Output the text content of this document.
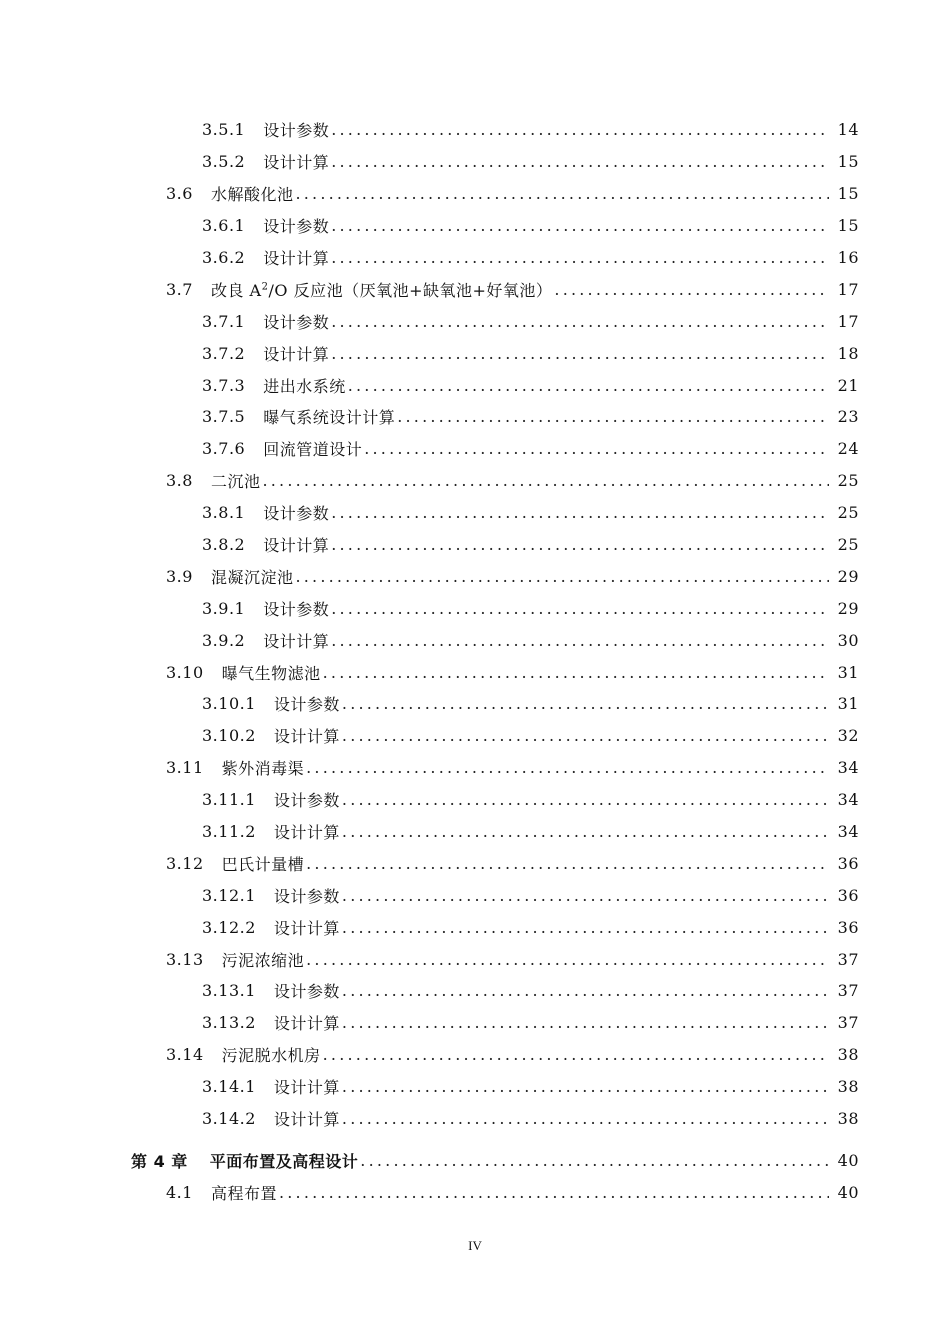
3.5.1 设计参数 .....	14
3.5.2 设计计算 .....	15
3.6 水解酸化池 .....	15
3.6.1 设计参数 .....	15
3.6.2 设计计算 .....	16
3.7 改良 $A^2/O$ 反应池（厌氧池+缺氧池+好氧池） .....	17
3.7.1 设计参数 .....	17
3.7.2 设计计算 .....	18
3.7.3 进出水系统 .....	21
3.7.5 曝气系统设计计算 .....	23
3.7.6 回流管道设计 .....	24
3.8 二沉池 .....	25
3.8.1 设计参数 .....	25
3.8.2 设计计算 .....	25
3.9 混凝沉淀池 .....	29
3.9.1 设计参数 .....	29
3.9.2 设计计算 .....	30
3.10 曝气生物滤池 .....	31
3.10.1 设计参数 .....	31
3.10.2 设计计算 .....	32
3.11 紫外消毒渠 .....	34
3.11.1 设计参数 .....	34
3.11.2 设计计算 .....	34
3.12 巴氏计量槽 .....	36
3.12.1 设计参数 .....	36
3.12.2 设计计算 .....	36
3.13 污泥浓缩池 .....	37
3.13.1 设计参数 .....	37
3.13.2 设计计算 .....	37
3.14 污泥脱水机房 .....	38
3.14.1 设计计算 .....	38
3.14.2 设计计算 .....	38
第 4 章 平面布置及高程设计 .....	40
4.1 高程布置 .....	40
IV
